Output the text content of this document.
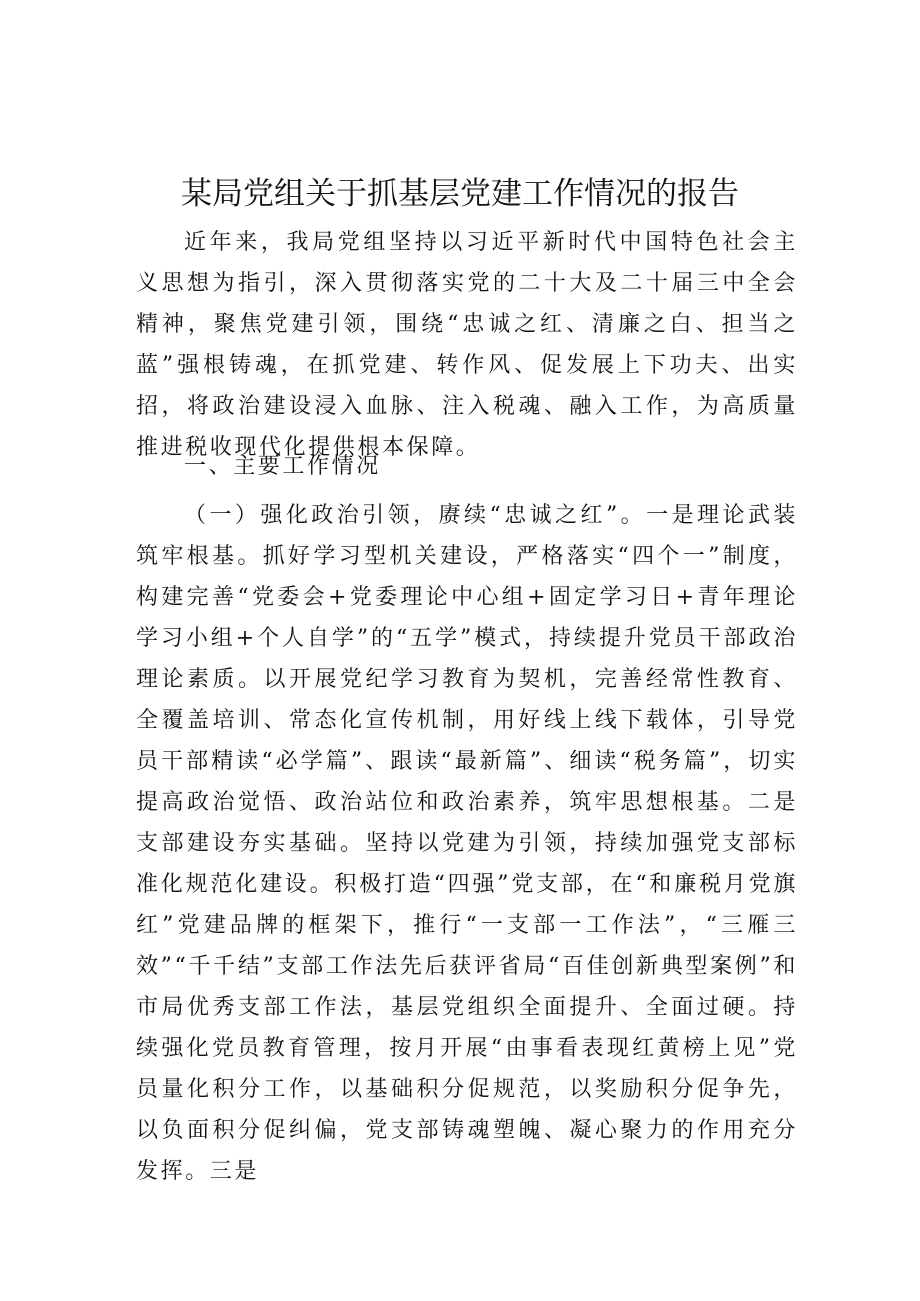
某局党组关于抓基层党建工作情况的报告

近年来，我局党组坚持以习近平新时代中国特色社会主义思想为指引，深入贯彻落实党的二十大及二十届三中全会精神，聚焦党建引领，围绕“忠诚之红、清廉之白、担当之蓝”强根铸魂，在抓党建、转作风、促发展上下功夫、出实招，将政治建设浸入血脉、注入税魂、融入工作，为高质量推进税收现代化提供根本保障。

一、主要工作情况

（一）强化政治引领，赓续“忠诚之红”。一是理论武装筑牢根基。抓好学习型机关建设，严格落实“四个一”制度，构建完善“党委会+党委理论中心组+固定学习日+青年理论学习小组+个人自学”的“五学”模式，持续提升党员干部政治理论素质。以开展党纪学习教育为契机，完善经常性教育、全覆盖培训、常态化宣传机制，用好线上线下载体，引导党员干部精读“必学篇”、跟读“最新篇”、细读“税务篇”，切实提高政治觉悟、政治站位和政治素养，筑牢思想根基。二是支部建设夯实基础。坚持以党建为引领，持续加强党支部标准化规范化建设。积极打造“四强”党支部，在“和廉税月党旗红”党建品牌的框架下，推行“一支部一工作法”，“三雁三效”“千千结”支部工作法先后获评省局“百佳创新典型案例”和市局优秀支部工作法，基层党组织全面提升、全面过硬。持续强化党员教育管理，按月开展“由事看表现红黄榜上见”党员量化积分工作，以基础积分促规范，以奖励积分促争先，以负面积分促纠偏，党支部铸魂塑魄、凝心聚力的作用充分发挥。三是
